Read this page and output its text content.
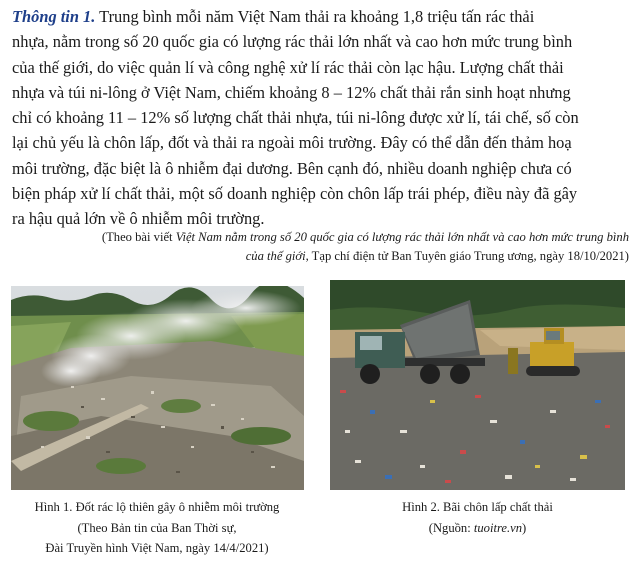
Thông tin 1. Trung bình mỗi năm Việt Nam thải ra khoảng 1,8 triệu tấn rác thải
nhựa, nằm trong số 20 quốc gia có lượng rác thải lớn nhất và cao hơn mức trung bình
của thế giới, do việc quản lí và công nghệ xử lí rác thải còn lạc hậu. Lượng chất thải
nhựa và túi ni-lông ở Việt Nam, chiếm khoảng 8 – 12% chất thải rắn sinh hoạt nhưng
chỉ có khoảng 11 – 12% số lượng chất thải nhựa, túi ni-lông được xử lí, tái chế, số còn
lại chủ yếu là chôn lấp, đốt và thải ra ngoài môi trường. Đây có thể dẫn đến thảm hoạ
môi trường, đặc biệt là ô nhiễm đại dương. Bên cạnh đó, nhiều doanh nghiệp chưa có
biện pháp xử lí chất thải, một số doanh nghiệp còn chôn lấp trái phép, điều này đã gây
ra hậu quả lớn về ô nhiễm môi trường.

(Theo bài viết Việt Nam nằm trong số 20 quốc gia có lượng rác thải lớn nhất và cao hơn mức trung bình
của thế giới, Tạp chí điện tử Ban Tuyên giáo Trung ương, ngày 18/10/2021)

Hình 1. Đốt rác lộ thiên gây ô nhiễm môi trường
(Theo Bản tin của Ban Thời sự,
Đài Truyền hình Việt Nam, ngày 14/4/2021)

Hình 2. Bãi chôn lấp chất thải
(Nguồn: tuoitre.vn)
